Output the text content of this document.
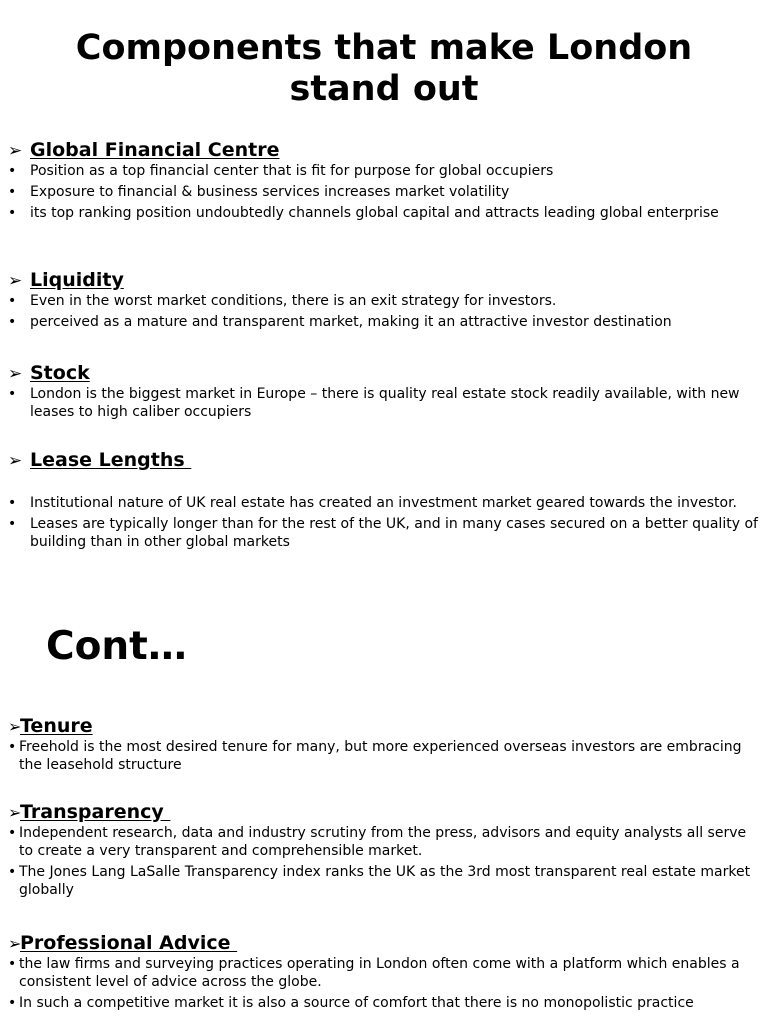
Components that make London
stand out
➢ Global Financial Centre
• Position as a top financial center that is fit for purpose for global occupiers
• Exposure to financial & business services increases market volatility
• its top ranking position undoubtedly channels global capital and attracts leading global enterprise
➢ Liquidity
• Even in the worst market conditions, there is an exit strategy for investors.
• perceived as a mature and transparent market, making it an attractive investor destination
➢ Stock
• London is the biggest market in Europe – there is quality real estate stock readily available, with new leases to high caliber occupiers
➢ Lease Lengths
• Institutional nature of UK real estate has created an investment market geared towards the investor.
• Leases are typically longer than for the rest of the UK, and in many cases secured on a better quality of building than in other global markets
Cont…
➢
Tenure
• Freehold is the most desired tenure for many, but more experienced overseas investors are embracing the leasehold structure
➢
Transparency
• Independent research, data and industry scrutiny from the press, advisors and equity analysts all serve to create a very transparent and comprehensible market.
• The Jones Lang LaSalle Transparency index ranks the UK as the 3rd most transparent real estate market globally
➢
Professional Advice
• the law firms and surveying practices operating in London often come with a platform which enables a consistent level of advice across the globe.
• In such a competitive market it is also a source of comfort that there is no monopolistic practice
